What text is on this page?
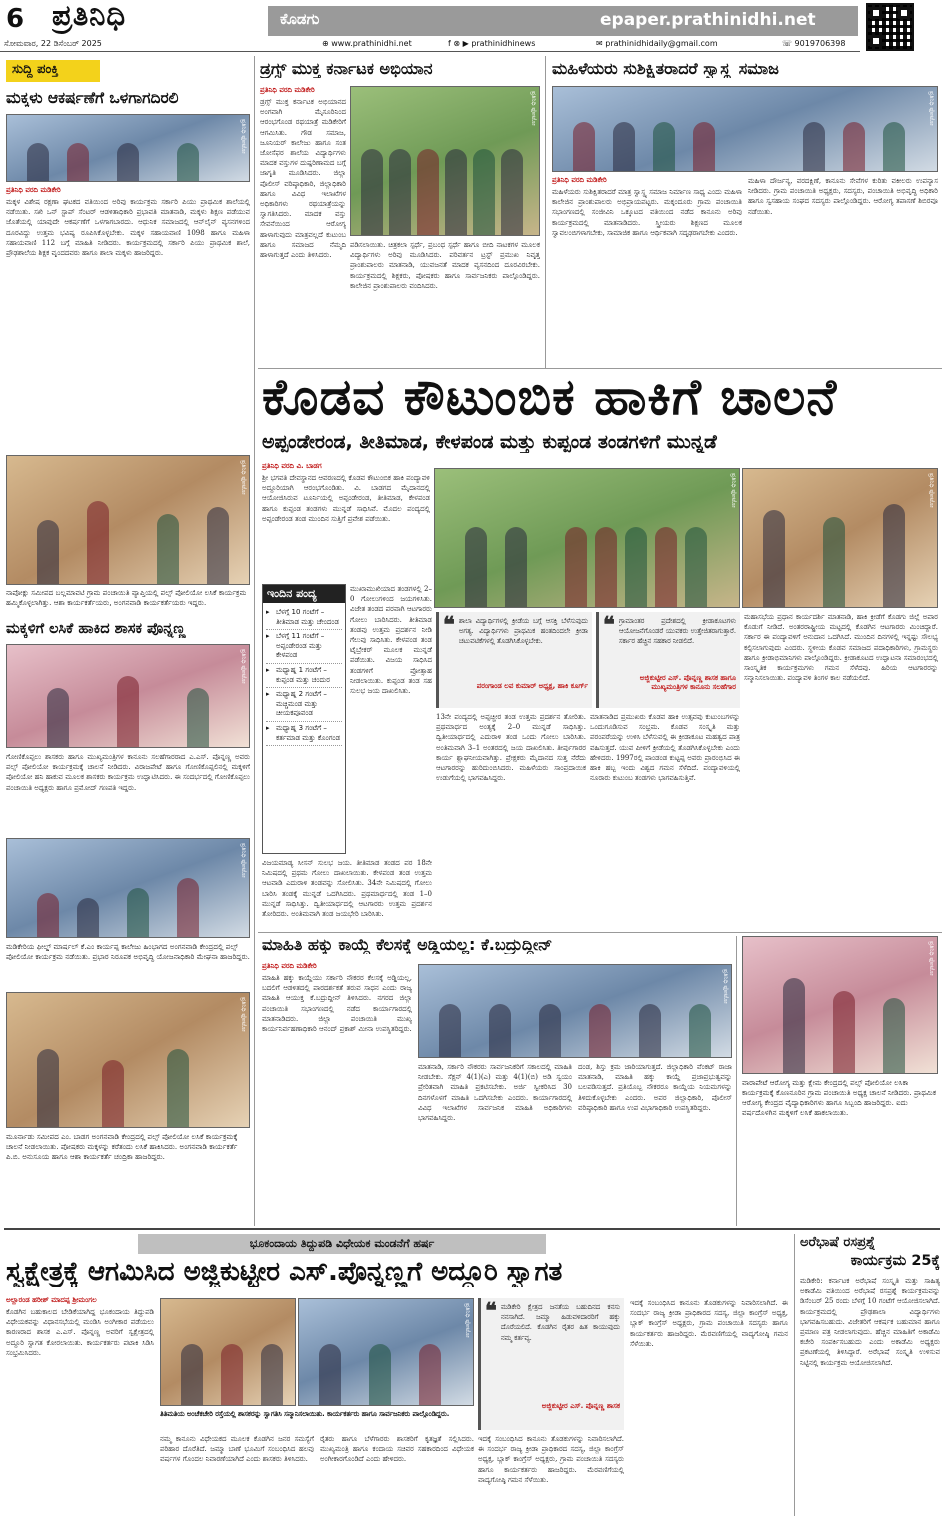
6 ಪ್ರತಿನಿಧಿ	ಕೊಡಗು	epaper.prathinidhi.net
ಸೋಮವಾರ, 22 ಡಿಸೆಂಬರ್ 2025	⊕ www.prathinidhi.net	f ⊗ ▶ prathinidhinews	✉ prathinidhidaily@gmail.com	☏ 9019706398
ಸುದ್ದಿ ಪಂಕ್ತಿ
ಮಕ್ಕಳು ಆಕರ್ಷಣೆಗೆ ಒಳಗಾಗದಿರಲಿ
ಪ್ರತಿನಿಧಿ ಫೋಟೋ
ಪ್ರತಿನಿಧಿ ವರದಿ ಮಡಿಕೇರಿ
ಮಕ್ಕಳ ವಿಶೇಷ ರಕ್ಷಣಾ ಘಟಕದ ವತಿಯಿಂದ ಅರಿವು ಕಾರ್ಯಕ್ರಮ ಸರ್ಕಾರಿ ಪಿಯು ಪ್ರಾಥಮಿಕ ಶಾಲೆಯಲ್ಲಿ ನಡೆಯಿತು. ಸಖಿ ಒನ್ ಸ್ಟಾಪ್ ಸೆಂಟರ್ ಆಡಳಿತಾಧಿಕಾರಿ ಪ್ರಭಾವತಿ ಮಾತನಾಡಿ, ಮಕ್ಕಳು ಶಿಕ್ಷಣ ಪಡೆಯುವ ಜೊತೆಯಲ್ಲಿ ಯಾವುದೇ ಆಕರ್ಷಣೆಗೆ ಒಳಗಾಗಬಾರದು. ಆಧುನಿಕ ಸಮಾಜದಲ್ಲಿ ಆನ್‌ಲೈನ್ ವ್ಯಸನಗಳಿಂದ ದೂರವಿದ್ದು ಉತ್ತಮ ಭವಿಷ್ಯ ರೂಪಿಸಿಕೊಳ್ಳಬೇಕು. ಮಕ್ಕಳ ಸಹಾಯವಾಣಿ 1098 ಹಾಗೂ ಮಹಿಳಾ ಸಹಾಯವಾಣಿ 112 ಬಗ್ಗೆ ಮಾಹಿತಿ ನೀಡಿದರು. ಕಾರ್ಯಕ್ರಮದಲ್ಲಿ ಸರ್ಕಾರಿ ಪಿಯು ಪ್ರಾಥಮಿಕ ಶಾಲೆ, ಪ್ರೌಢಶಾಲೆಯ ಶಿಕ್ಷಕ ವೃಂದದವರು ಹಾಗೂ ಶಾಲಾ ಮಕ್ಕಳು ಹಾಜರಿದ್ದರು.
ಪ್ರತಿನಿಧಿ ಫೋಟೋ
ನಾಪೋಕ್ಲು ಸಮೀಪದ ಬಲ್ಲಮಾವಟಿ ಗ್ರಾಮ ಪಂಚಾಯಿತಿ ವ್ಯಾಪ್ತಿಯಲ್ಲಿ ಪಲ್ಸ್ ಪೋಲಿಯೋ ಲಸಿಕೆ ಕಾರ್ಯಕ್ರಮ ಹಮ್ಮಿಕೊಳ್ಳಲಾಗಿತ್ತು. ಆಶಾ ಕಾರ್ಯಕರ್ತೆಯರು, ಅಂಗನವಾಡಿ ಕಾರ್ಯಕರ್ತೆಯರು ಇದ್ದರು.
ಮಕ್ಕಳಿಗೆ ಲಸಿಕೆ ಹಾಕಿದ ಶಾಸಕ ಪೊನ್ನಣ್ಣ
ಪ್ರತಿನಿಧಿ ಫೋಟೋ
ಗೋಣಿಕೊಪ್ಪಲು ಶಾಸಕರು ಹಾಗೂ ಮುಖ್ಯಮಂತ್ರಿಗಳ ಕಾನೂನು ಸಲಹೆಗಾರರಾದ ಎ.ಎಸ್. ಪೊನ್ನಣ್ಣ ಅವರು ಪಲ್ಸ್ ಪೋಲಿಯೋ ಕಾರ್ಯಕ್ರಮಕ್ಕೆ ಚಾಲನೆ ನೀಡಿದರು. ವಿರಾಜಪೇಟೆ ಹಾಗೂ ಗೋಣಿಕೊಪ್ಪಲಿನಲ್ಲಿ ಮಕ್ಕಳಿಗೆ ಪೋಲಿಯೋ ಹನಿ ಹಾಕುವ ಮೂಲಕ ಶಾಸಕರು ಕಾರ್ಯಕ್ರಮ ಉದ್ಘಾಟಿಸಿದರು. ಈ ಸಂದರ್ಭದಲ್ಲಿ ಗೋಣಿಕೊಪ್ಪಲು ಪಂಚಾಯಿತಿ ಅಧ್ಯಕ್ಷರು ಹಾಗೂ ಪ್ರಮೋದ್ ಗಣಪತಿ ಇದ್ದರು.
ಪ್ರತಿನಿಧಿ ಫೋಟೋ
ಮಡಿಕೇರಿಯ ಫೀಲ್ಡ್ ಮಾರ್ಷಲ್ ಕೆ.ಎಂ ಕಾರ್ಯಪ್ಪ ಕಾಲೇಜು ಹಿಂಭಾಗದ ಅಂಗನವಾಡಿ ಕೇಂದ್ರದಲ್ಲಿ ಪಲ್ಸ್ ಪೋಲಿಯೋ ಕಾರ್ಯಕ್ರಮ ನಡೆಯಿತು. ಪ್ರಭಾರ ನಿರೂಪಕ ಅಭಿವೃದ್ಧಿ ಯೋಜನಾಧಿಕಾರಿ ಮೇಘನಾ ಹಾಜರಿದ್ದರು.
ಪ್ರತಿನಿಧಿ ಫೋಟೋ
ಮೂರ್ನಾಡು ಸಮೀಪದ ಎಂ. ಬಾಡಗ ಅಂಗನವಾಡಿ ಕೇಂದ್ರದಲ್ಲಿ ಪಲ್ಸ್ ಪೋಲಿಯೋ ಲಸಿಕೆ ಕಾರ್ಯಕ್ರಮಕ್ಕೆ ಚಾಲನೆ ನೀಡಲಾಯಿತು. ಪೋಷಕರು ಮಕ್ಕಳನ್ನು ಕರೆತಂದು ಲಸಿಕೆ ಹಾಕಿಸಿದರು. ಅಂಗನವಾಡಿ ಕಾರ್ಯಕರ್ತೆ ಪಿ.ಬಿ. ಅನುಸೂಯ ಹಾಗೂ ಆಶಾ ಕಾರ್ಯಕರ್ತೆ ಚಂದ್ರಿಕಾ ಹಾಜರಿದ್ದರು.
ಡ್ರಗ್ಸ್ ಮುಕ್ತ ಕರ್ನಾಟಕ ಅಭಿಯಾನ
ಪ್ರತಿನಿಧಿ ವರದಿ ಮಡಿಕೇರಿ
ಡ್ರಗ್ಸ್ ಮುಕ್ತ ಕರ್ನಾಟಕ ಅಭಿಯಾನದ ಅಂಗವಾಗಿ ಮೈಸೂರಿನಿಂದ ಆರಂಭಗೊಂಡ ರಥಯಾತ್ರೆ ಮಡಿಕೇರಿಗೆ ಆಗಮಿಸಿತು. ಗೌಡ ಸಮಾಜ, ಜೂನಿಯರ್ ಕಾಲೇಜು ಹಾಗೂ ಸಂತ ಜೋಸೆಫರ ಶಾಲೆಯ ವಿದ್ಯಾರ್ಥಿಗಳು ಮಾದಕ ವಸ್ತುಗಳ ದುಷ್ಪರಿಣಾಮದ ಬಗ್ಗೆ ಜಾಗೃತಿ ಮೂಡಿಸಿದರು. ಜಿಲ್ಲಾ ಪೊಲೀಸ್ ವರಿಷ್ಠಾಧಿಕಾರಿ, ಜಿಲ್ಲಾಧಿಕಾರಿ ಹಾಗೂ ವಿವಿಧ ಇಲಾಖೆಗಳ ಅಧಿಕಾರಿಗಳು ರಥಯಾತ್ರೆಯನ್ನು ಸ್ವಾಗತಿಸಿದರು. ಮಾದಕ ವಸ್ತು ಸೇವನೆಯಿಂದ ಆರೋಗ್ಯ ಹಾಳಾಗುವುದು ಮಾತ್ರವಲ್ಲದೆ ಕುಟುಂಬ ಹಾಗೂ ಸಮಾಜದ ನೆಮ್ಮದಿ ಹಾಳಾಗುತ್ತದೆ ಎಂದು ತಿಳಿಸಿದರು.
ಪ್ರತಿನಿಧಿ ಫೋಟೋ
ಪಡಿಸಲಾಯಿತು. ಚಿತ್ರಕಲಾ ಸ್ಪರ್ಧೆ, ಪ್ರಬಂಧ ಸ್ಪರ್ಧೆ ಹಾಗೂ ಬೀದಿ ನಾಟಕಗಳ ಮೂಲಕ ವಿದ್ಯಾರ್ಥಿಗಳು ಅರಿವು ಮೂಡಿಸಿದರು. ಪರಿವರ್ತನ ಟ್ರಸ್ಟ್ ಪ್ರಮುಖ ನಿವೃತ್ತ ಪ್ರಾಂಶುಪಾಲರು ಮಾತನಾಡಿ, ಯುವಜನತೆ ಮಾದಕ ವ್ಯಸನದಿಂದ ದೂರವಿರಬೇಕು. ಕಾರ್ಯಕ್ರಮದಲ್ಲಿ ಶಿಕ್ಷಕರು, ಪೋಷಕರು ಹಾಗೂ ಸಾರ್ವಜನಿಕರು ಪಾಲ್ಗೊಂಡಿದ್ದರು. ಕಾಲೇಜಿನ ಪ್ರಾಂಶುಪಾಲರು ವಂದಿಸಿದರು.
ಮಹಿಳೆಯರು ಸುಶಿಕ್ಷಿತರಾದರೆ ಸ್ವಾಸ್ಥ್ಯ ಸಮಾಜ
ಪ್ರತಿನಿಧಿ ಫೋಟೋ
ಪ್ರತಿನಿಧಿ ವರದಿ ಮಡಿಕೇರಿ
ಮಹಿಳೆಯರು ಸುಶಿಕ್ಷಿತರಾದರೆ ಮಾತ್ರ ಸ್ವಾಸ್ಥ್ಯ ಸಮಾಜ ನಿರ್ಮಾಣ ಸಾಧ್ಯ ಎಂದು ಮಹಿಳಾ ಕಾಲೇಜಿನ ಪ್ರಾಂಶುಪಾಲರು ಅಭಿಪ್ರಾಯಪಟ್ಟರು. ಮಕ್ಕಂದೂರು ಗ್ರಾಮ ಪಂಚಾಯಿತಿ ಸಭಾಂಗಣದಲ್ಲಿ ಸಂಜೀವಿನಿ ಒಕ್ಕೂಟದ ವತಿಯಿಂದ ನಡೆದ ಕಾನೂನು ಅರಿವು ಕಾರ್ಯಕ್ರಮದಲ್ಲಿ ಮಾತನಾಡಿದರು. ಸ್ತ್ರೀಯರು ಶಿಕ್ಷಣದ ಮೂಲಕ ಸ್ವಾವಲಂಬಿಗಳಾಗಬೇಕು, ಸಾಮಾಜಿಕ ಹಾಗೂ ಆರ್ಥಿಕವಾಗಿ ಸದೃಢರಾಗಬೇಕು ಎಂದರು.
ಮಹಿಳಾ ದೌರ್ಜನ್ಯ, ವರದಕ್ಷಿಣೆ, ಕಾನೂನು ಸೇವೆಗಳ ಕುರಿತು ವಕೀಲರು ಉಪನ್ಯಾಸ ನೀಡಿದರು. ಗ್ರಾಮ ಪಂಚಾಯಿತಿ ಅಧ್ಯಕ್ಷರು, ಸದಸ್ಯರು, ಪಂಚಾಯಿತಿ ಅಭಿವೃದ್ಧಿ ಅಧಿಕಾರಿ ಹಾಗೂ ಸ್ವಸಹಾಯ ಸಂಘದ ಸದಸ್ಯರು ಪಾಲ್ಗೊಂಡಿದ್ದರು. ಆರೋಗ್ಯ ತಪಾಸಣೆ ಶಿಬಿರವೂ ನಡೆಯಿತು.
ಕೊಡವ ಕೌಟುಂಬಿಕ ಹಾಕಿಗೆ ಚಾಲನೆ
ಅಪ್ಪಂಡೇರಂಡ, ತೀತಿಮಾಡ, ಕೇಳಪಂಡ ಮತ್ತು ಕುಪ್ಪಂಡ ತಂಡಗಳಿಗೆ ಮುನ್ನಡೆ
ಪ್ರತಿನಿಧಿ ವರದಿ ವಿ. ಬಾಡಗ
ಶ್ರೀ ಭಗವತಿ ದೇವಸ್ಥಾನದ ಆವರಣದಲ್ಲಿ ಕೊಡವ ಕೌಟುಂಬಿಕ ಹಾಕಿ ಪಂದ್ಯಾವಳಿ ಅದ್ದೂರಿಯಾಗಿ ಆರಂಭಗೊಂಡಿತು. ವಿ. ಬಾಡಗದ ಮೈದಾನದಲ್ಲಿ ಆಯೋಜಿಸಿರುವ ಟೂರ್ನಿಯಲ್ಲಿ ಅಪ್ಪಂಡೇರಂಡ, ತೀತಿಮಾಡ, ಕೇಳಪಂಡ ಹಾಗೂ ಕುಪ್ಪಂಡ ತಂಡಗಳು ಮುನ್ನಡೆ ಸಾಧಿಸಿವೆ. ಮೊದಲ ಪಂದ್ಯದಲ್ಲಿ ಅಪ್ಪಂಡೇರಂಡ ತಂಡ ಮುಂದಿನ ಸುತ್ತಿಗೆ ಪ್ರವೇಶ ಪಡೆಯಿತು.
ಪ್ರತಿನಿಧಿ ಫೋಟೋ	ಪ್ರತಿನಿಧಿ ಫೋಟೋ
ಇಂದಿನ ಪಂದ್ಯ
▸ ಬೆಳಗ್ಗೆ 10 ಗಂಟೆಗೆ – ತೀತಿಮಾಡ ಮತ್ತು ಚೇಂದಂಡ
▸ ಬೆಳಗ್ಗೆ 11 ಗಂಟೆಗೆ – ಅಪ್ಪಂಡೇರಂಡ ಮತ್ತು ಕೇಳಪಂಡ
▸ ಮಧ್ಯಾಹ್ನ 1 ಗಂಟೆಗೆ – ಕುಪ್ಪಂಡ ಮತ್ತು ಚಂದುರ
▸ ಮಧ್ಯಾಹ್ನ 2 ಗಂಟೆಗೆ – ಮಚ್ಚಿಮಂಡ ಮತ್ತು ಚೀಯಕಪೂವಂಡ
▸ ಮಧ್ಯಾಹ್ನ 3 ಗಂಟೆಗೆ – ಕರ್ತಮಾಡ ಮತ್ತು ಕೊಂಗಂಡ
ಮುಖಾಮುಖಿಯಾದ ತಂಡಗಳಲ್ಲಿ 2–0 ಗೋಲುಗಳಿಂದ ಜಯಗಳಿಸಿತು. ವಿಜೇತ ತಂಡದ ಪರವಾಗಿ ಆಟಗಾರರು ಗೋಲು ಬಾರಿಸಿದರು. ತೀತಿಮಾಡ ತಂಡವು ಉತ್ತಮ ಪ್ರದರ್ಶನ ನೀಡಿ ಗೆಲುವು ಸಾಧಿಸಿತು. ಕೇಳಪಂಡ ತಂಡ ಟೈಬ್ರೇಕರ್ ಮೂಲಕ ಮುನ್ನಡೆ ಪಡೆಯಿತು. ವಿಜಯ ಸಾಧಿಸಿದ ತಂಡಗಳಿಗೆ ಪ್ರೋತ್ಸಾಹ ನೀಡಲಾಯಿತು. ಕುಪ್ಪಂಡ ತಂಡ ಸಹ ಸುಲಭ ಜಯ ದಾಖಲಿಸಿತು.
❝ ಶಾಲಾ ವಿದ್ಯಾರ್ಥಿಗಳಲ್ಲಿ ಕ್ರೀಡೆಯ ಬಗ್ಗೆ ಆಸಕ್ತಿ ಬೆಳೆಸುವುದು ಅಗತ್ಯ. ವಿದ್ಯಾರ್ಥಿಗಳು ಪ್ರಾಥಮಿಕ ಹಂತದಿಂದಲೇ ಕ್ರೀಡಾ ಚಟುವಟಿಕೆಗಳಲ್ಲಿ ತೊಡಗಿಸಿಕೊಳ್ಳಬೇಕು.
ಪರಂಗಾಂಡ ಲವ ಕುಮಾರ್ ಅಧ್ಯಕ್ಷ, ಹಾಕಿ ಕೂರ್ಗ್
❝ ಗ್ರಾಮಾಂತರ ಪ್ರದೇಶದಲ್ಲಿ ಕ್ರೀಡಾಕೂಟಗಳು ಆಯೋಜನೆಗೊಂಡರೆ ಯುವಕರು ಉತ್ತೇಜಿತರಾಗುತ್ತಾರೆ. ಸರ್ಕಾರ ಹೆಚ್ಚಿನ ಸಹಕಾರ ನೀಡಲಿದೆ.
ಅಜ್ಜಿಕುಟ್ಟೀರ ಎಸ್. ಪೊನ್ನಣ್ಣ ಶಾಸಕ ಹಾಗೂ ಮುಖ್ಯಮಂತ್ರಿಗಳ ಕಾನೂನು ಸಲಹೆಗಾರ
ವಿಜಯಮಾಡ್ಯ ಸೀಸನ್ ಸುಲಭ ಜಯ. ತೀತಿಮಾಡ ತಂಡದ ಪರ 18ನೇ ನಿಮಿಷದಲ್ಲಿ ಪ್ರಥಮ ಗೋಲು ದಾಖಲಾಯಿತು. ಕೇಳಪಂಡ ತಂಡ ಉತ್ತಮ ಆಟವಾಡಿ ಎದುರಾಳಿ ತಂಡವನ್ನು ಸೋಲಿಸಿತು. 34ನೇ ನಿಮಿಷದಲ್ಲಿ ಗೋಲು ಬಾರಿಸಿ ತಂಡಕ್ಕೆ ಮುನ್ನಡೆ ಒದಗಿಸಿದರು. ಪ್ರಥಮಾರ್ಧದಲ್ಲಿ ತಂಡ 1–0 ಮುನ್ನಡೆ ಸಾಧಿಸಿತ್ತು. ದ್ವಿತೀಯಾರ್ಧದಲ್ಲಿ ಆಟಗಾರರು ಉತ್ತಮ ಪ್ರದರ್ಶನ ತೋರಿದರು. ಅಂತಿಮವಾಗಿ ತಂಡ ಜಯಭೇರಿ ಬಾರಿಸಿತು.
13ನೇ ಪಂದ್ಯದಲ್ಲಿ ಅಪ್ಪಚ್ಚೀರ ತಂಡ ಉತ್ತಮ ಪ್ರದರ್ಶನ ತೋರಿತು. ಪ್ರಥಮಾರ್ಧದ ಅಂತ್ಯಕ್ಕೆ 2–0 ಮುನ್ನಡೆ ಸಾಧಿಸಿತ್ತು. ದ್ವಿತೀಯಾರ್ಧದಲ್ಲಿ ಎದುರಾಳಿ ತಂಡ ಒಂದು ಗೋಲು ಬಾರಿಸಿತು. ಅಂತಿಮವಾಗಿ 3–1 ಅಂತರದಲ್ಲಿ ಜಯ ದಾಖಲಿಸಿತು. ತೀರ್ಪುಗಾರರ ಕಾರ್ಯ ಶ್ಲಾಘನೀಯವಾಗಿತ್ತು. ಪ್ರೇಕ್ಷಕರು ಮೈದಾನದ ಸುತ್ತ ನೆರೆದು ಆಟಗಾರರನ್ನು ಹುರಿದುಂಬಿಸಿದರು. ಮಹಿಳೆಯರು ಸಾಂಪ್ರದಾಯಿಕ ಉಡುಗೆಯಲ್ಲಿ ಭಾಗವಹಿಸಿದ್ದರು.
ಮಾತನಾಡಿದ ಪ್ರಮುಖರು ಕೊಡವ ಹಾಕಿ ಉತ್ಸವವು ಕುಟುಂಬಗಳನ್ನು ಒಂದುಗೂಡಿಸುವ ಸಂಭ್ರಮ. ಕೊಡವ ಸಂಸ್ಕೃತಿ ಮತ್ತು ಪರಂಪರೆಯನ್ನು ಉಳಿಸಿ ಬೆಳೆಸುವಲ್ಲಿ ಈ ಕ್ರೀಡಾಕೂಟ ಮಹತ್ವದ ಪಾತ್ರ ವಹಿಸುತ್ತದೆ. ಯುವ ಪೀಳಿಗೆ ಕ್ರೀಡೆಯಲ್ಲಿ ತೊಡಗಿಸಿಕೊಳ್ಳಬೇಕು ಎಂದು ಹೇಳಿದರು. 1997ರಲ್ಲಿ ಪಾಂಡಂಡ ಕುಟ್ಟಪ್ಪ ಅವರು ಪ್ರಾರಂಭಿಸಿದ ಈ ಹಾಕಿ ಹಬ್ಬ ಇಂದು ವಿಶ್ವದ ಗಮನ ಸೆಳೆದಿದೆ. ಪಂದ್ಯಾವಳಿಯಲ್ಲಿ ನೂರಾರು ಕುಟುಂಬ ತಂಡಗಳು ಭಾಗವಹಿಸುತ್ತಿವೆ.
ಮಹಾಸಭೆಯ ಪ್ರಧಾನ ಕಾರ್ಯದರ್ಶಿ ಮಾತನಾಡಿ, ಹಾಕಿ ಕ್ರೀಡೆಗೆ ಕೊಡಗು ಜಿಲ್ಲೆ ಅಪಾರ ಕೊಡುಗೆ ನೀಡಿದೆ. ಅಂತರರಾಷ್ಟ್ರೀಯ ಮಟ್ಟದಲ್ಲಿ ಕೊಡಗಿನ ಆಟಗಾರರು ಮಿಂಚಿದ್ದಾರೆ. ಸರ್ಕಾರ ಈ ಪಂದ್ಯಾವಳಿಗೆ ಅನುದಾನ ಒದಗಿಸಿದೆ. ಮುಂದಿನ ದಿನಗಳಲ್ಲಿ ಇನ್ನಷ್ಟು ಸೌಲಭ್ಯ ಕಲ್ಪಿಸಲಾಗುವುದು ಎಂದರು. ಸ್ಥಳೀಯ ಕೊಡವ ಸಮಾಜದ ಪದಾಧಿಕಾರಿಗಳು, ಗ್ರಾಮಸ್ಥರು ಹಾಗೂ ಕ್ರೀಡಾಭಿಮಾನಿಗಳು ಪಾಲ್ಗೊಂಡಿದ್ದರು. ಕ್ರೀಡಾಕೂಟದ ಉದ್ಘಾಟನಾ ಸಮಾರಂಭದಲ್ಲಿ ಸಾಂಸ್ಕೃತಿಕ ಕಾರ್ಯಕ್ರಮಗಳು ಗಮನ ಸೆಳೆದವು. ಹಿರಿಯ ಆಟಗಾರರನ್ನು ಸನ್ಮಾನಿಸಲಾಯಿತು. ಪಂದ್ಯಾವಳಿ ತಿಂಗಳ ಕಾಲ ನಡೆಯಲಿದೆ.
ಮಾಹಿತಿ ಹಕ್ಕು ಕಾಯ್ದೆ ಕೆಲಸಕ್ಕೆ ಅಡ್ಡಿಯಲ್ಲ: ಕೆ.ಬದ್ರುದ್ದೀನ್
ಪ್ರತಿನಿಧಿ ವರದಿ ಮಡಿಕೇರಿ
ಮಾಹಿತಿ ಹಕ್ಕು ಕಾಯ್ದೆಯು ಸರ್ಕಾರಿ ನೌಕರರ ಕೆಲಸಕ್ಕೆ ಅಡ್ಡಿಯಲ್ಲ, ಬದಲಿಗೆ ಆಡಳಿತದಲ್ಲಿ ಪಾರದರ್ಶಕತೆ ತರುವ ಸಾಧನ ಎಂದು ರಾಜ್ಯ ಮಾಹಿತಿ ಆಯುಕ್ತ ಕೆ.ಬದ್ರುದ್ದೀನ್ ತಿಳಿಸಿದರು. ನಗರದ ಜಿಲ್ಲಾ ಪಂಚಾಯಿತಿ ಸಭಾಂಗಣದಲ್ಲಿ ನಡೆದ ಕಾರ್ಯಾಗಾರದಲ್ಲಿ ಮಾತನಾಡಿದರು. ಜಿಲ್ಲಾ ಪಂಚಾಯಿತಿ ಮುಖ್ಯ ಕಾರ್ಯನಿರ್ವಹಣಾಧಿಕಾರಿ ಆನಂದ್ ಪ್ರಕಾಶ್ ಮೀನಾ ಉಪಸ್ಥಿತರಿದ್ದರು.
ಪ್ರತಿನಿಧಿ ಫೋಟೋ
ಮಾತನಾಡಿ, ಸರ್ಕಾರಿ ನೌಕರರು ಸಾರ್ವಜನಿಕರಿಗೆ ಸಕಾಲದಲ್ಲಿ ಮಾಹಿತಿ ನೀಡಬೇಕು. ಸೆಕ್ಷನ್ 4(1)(ಎ) ಮತ್ತು 4(1)(ಬಿ) ಅಡಿ ಸ್ವಯಂ ಪ್ರೇರಿತವಾಗಿ ಮಾಹಿತಿ ಪ್ರಕಟಿಸಬೇಕು. ಅರ್ಜಿ ಸ್ವೀಕರಿಸಿದ 30 ದಿನಗಳೊಳಗೆ ಮಾಹಿತಿ ಒದಗಿಸಬೇಕು ಎಂದರು. ಕಾರ್ಯಾಗಾರದಲ್ಲಿ ವಿವಿಧ ಇಲಾಖೆಗಳ ಸಾರ್ವಜನಿಕ ಮಾಹಿತಿ ಅಧಿಕಾರಿಗಳು ಭಾಗವಹಿಸಿದ್ದರು.
ದಂಡ, ಶಿಸ್ತು ಕ್ರಮ ಜಾರಿಯಾಗುತ್ತದೆ. ಜಿಲ್ಲಾಧಿಕಾರಿ ವೆಂಕಟ್ ರಾಜಾ ಮಾತನಾಡಿ, ಮಾಹಿತಿ ಹಕ್ಕು ಕಾಯ್ದೆ ಪ್ರಜಾಪ್ರಭುತ್ವವನ್ನು ಬಲಪಡಿಸುತ್ತದೆ. ಪ್ರತಿಯೊಬ್ಬ ನೌಕರರೂ ಕಾಯ್ದೆಯ ನಿಯಮಗಳನ್ನು ತಿಳಿದುಕೊಳ್ಳಬೇಕು ಎಂದರು. ಅಪರ ಜಿಲ್ಲಾಧಿಕಾರಿ, ಪೊಲೀಸ್ ವರಿಷ್ಠಾಧಿಕಾರಿ ಹಾಗೂ ಉಪ ವಿಭಾಗಾಧಿಕಾರಿ ಉಪಸ್ಥಿತರಿದ್ದರು.
ಪ್ರತಿನಿಧಿ ಫೋಟೋ
ವಾರಾಪೇಟೆ ಆರೋಗ್ಯ ಮತ್ತು ಕ್ಷೇಮ ಕೇಂದ್ರದಲ್ಲಿ ಪಲ್ಸ್ ಪೋಲಿಯೋ ಲಸಿಕಾ ಕಾರ್ಯಕ್ರಮಕ್ಕೆ ಕೊಣನೂರಿನ ಗ್ರಾಮ ಪಂಚಾಯಿತಿ ಅಧ್ಯಕ್ಷ ಚಾಲನೆ ನೀಡಿದರು. ಪ್ರಾಥಮಿಕ ಆರೋಗ್ಯ ಕೇಂದ್ರದ ವೈದ್ಯಾಧಿಕಾರಿಗಳು ಹಾಗೂ ಸಿಬ್ಬಂದಿ ಹಾಜರಿದ್ದರು. ಐದು ವರ್ಷದೊಳಗಿನ ಮಕ್ಕಳಿಗೆ ಲಸಿಕೆ ಹಾಕಲಾಯಿತು.
ಭೂಕಂದಾಯ ತಿದ್ದುಪಡಿ ವಿಧೇಯಕ ಮಂಡನೆಗೆ ಹರ್ಷ
ಸ್ವಕ್ಷೇತ್ರಕ್ಕೆ ಆಗಮಿಸಿದ ಅಜ್ಜಿಕುಟ್ಟೀರ ಎಸ್.ಪೊನ್ನಣ್ಣಗೆ ಅದ್ದೂರಿ ಸ್ವಾಗತ
ಅಲ್ಲಾರಂಡ ಹರೀಶ್ ಮಾದಪ್ಪ ಶ್ರೀಮಂಗಲ
ಕೊಡಗಿನ ಬಹುಕಾಲದ ಬೇಡಿಕೆಯಾಗಿದ್ದ ಭೂಕಂದಾಯ ತಿದ್ದುಪಡಿ ವಿಧೇಯಕವನ್ನು ವಿಧಾನಸಭೆಯಲ್ಲಿ ಮಂಡಿಸಿ ಅಂಗೀಕಾರ ಪಡೆಯಲು ಕಾರಣರಾದ ಶಾಸಕ ಎ.ಎಸ್. ಪೊನ್ನಣ್ಣ ಅವರಿಗೆ ಸ್ವಕ್ಷೇತ್ರದಲ್ಲಿ ಅದ್ದೂರಿ ಸ್ವಾಗತ ಕೋರಲಾಯಿತು. ಕಾರ್ಯಕರ್ತರು ಪಟಾಕಿ ಸಿಡಿಸಿ ಸಂಭ್ರಮಿಸಿದರು.
ಪ್ರತಿನಿಧಿ ಫೋಟೋ
ತಿತಿಮತಿಯ ಅಂಚೆಕಚೇರಿ ರಸ್ತೆಯಲ್ಲಿ ಶಾಸಕರನ್ನು ಸ್ವಾಗತಿಸಿ ಸನ್ಮಾನಿಸಲಾಯಿತು. ಕಾರ್ಯಕರ್ತರು ಹಾಗೂ ಸಾರ್ವಜನಿಕರು ಪಾಲ್ಗೊಂಡಿದ್ದರು.
ನಮ್ಮ ಕಾನೂನು ವಿಧೇಯಕದ ಮೂಲಕ ಕೊಡಗಿನ ಜನರ ಸಮಸ್ಯೆಗೆ ಪರಿಹಾರ ದೊರೆತಿದೆ. ಜಮ್ಮಾ ಬಾಣೆ ಭೂಮಿಗೆ ಸಂಬಂಧಿಸಿದ ಹಲವು ವರ್ಷಗಳ ಗೊಂದಲ ನಿವಾರಣೆಯಾಗಿದೆ ಎಂದು ಶಾಸಕರು ತಿಳಿಸಿದರು.
ರೈತರು ಹಾಗೂ ಬೆಳೆಗಾರರು ಶಾಸಕರಿಗೆ ಕೃತಜ್ಞತೆ ಸಲ್ಲಿಸಿದರು. ಮುಖ್ಯಮಂತ್ರಿ ಹಾಗೂ ಕಂದಾಯ ಸಚಿವರ ಸಹಕಾರದಿಂದ ವಿಧೇಯಕ ಅಂಗೀಕಾರಗೊಂಡಿದೆ ಎಂದು ಹೇಳಿದರು.
❝ ಮಡಿಕೇರಿ ಕ್ಷೇತ್ರದ ಜನತೆಯ ಬಹುದಿನದ ಕನಸು ನನಸಾಗಿದೆ. ಜಮ್ಮಾ ಹಿಡುವಳಿದಾರರಿಗೆ ಹಕ್ಕು ದೊರೆಯಲಿದೆ. ಕೊಡಗಿನ ರೈತರ ಹಿತ ಕಾಯುವುದು ನಮ್ಮ ಕರ್ತವ್ಯ.
ಅಜ್ಜಿಕುಟ್ಟೀರ ಎಸ್. ಪೊನ್ನಣ್ಣ ಶಾಸಕ
ಇದಕ್ಕೆ ಸಂಬಂಧಿಸಿದ ಕಾನೂನು ತೊಡಕುಗಳನ್ನು ನಿವಾರಿಸಲಾಗಿದೆ. ಈ ಸಂದರ್ಭ ರಾಜ್ಯ ಕ್ರೀಡಾ ಪ್ರಾಧಿಕಾರದ ಸದಸ್ಯ, ಜಿಲ್ಲಾ ಕಾಂಗ್ರೆಸ್ ಅಧ್ಯಕ್ಷ, ಬ್ಲಾಕ್ ಕಾಂಗ್ರೆಸ್ ಅಧ್ಯಕ್ಷರು, ಗ್ರಾಮ ಪಂಚಾಯಿತಿ ಸದಸ್ಯರು ಹಾಗೂ ಕಾರ್ಯಕರ್ತರು ಹಾಜರಿದ್ದರು. ಮೆರವಣಿಗೆಯಲ್ಲಿ ವಾದ್ಯಗೋಷ್ಠಿ ಗಮನ ಸೆಳೆಯಿತು.
ಇದಕ್ಕೆ ಸಂಬಂಧಿಸಿದ ಕಾನೂನು ತೊಡಕುಗಳನ್ನು ನಿವಾರಿಸಲಾಗಿದೆ. ಈ ಸಂದರ್ಭ ರಾಜ್ಯ ಕ್ರೀಡಾ ಪ್ರಾಧಿಕಾರದ ಸದಸ್ಯ, ಜಿಲ್ಲಾ ಕಾಂಗ್ರೆಸ್ ಅಧ್ಯಕ್ಷ, ಬ್ಲಾಕ್ ಕಾಂಗ್ರೆಸ್ ಅಧ್ಯಕ್ಷರು, ಗ್ರಾಮ ಪಂಚಾಯಿತಿ ಸದಸ್ಯರು ಹಾಗೂ ಕಾರ್ಯಕರ್ತರು ಹಾಜರಿದ್ದರು. ಮೆರವಣಿಗೆಯಲ್ಲಿ ವಾದ್ಯಗೋಷ್ಠಿ ಗಮನ ಸೆಳೆಯಿತು.
ಅರೆಭಾಷೆ ರಸಪ್ರಶ್ನೆ
ಕಾರ್ಯಕ್ರಮ 25ಕ್ಕೆ
ಮಡಿಕೇರಿ: ಕರ್ನಾಟಕ ಅರೆಭಾಷೆ ಸಂಸ್ಕೃತಿ ಮತ್ತು ಸಾಹಿತ್ಯ ಅಕಾಡೆಮಿ ವತಿಯಿಂದ ಅರೆಭಾಷೆ ರಸಪ್ರಶ್ನೆ ಕಾರ್ಯಕ್ರಮವನ್ನು ಡಿಸೆಂಬರ್ 25 ರಂದು ಬೆಳಗ್ಗೆ 10 ಗಂಟೆಗೆ ಆಯೋಜಿಸಲಾಗಿದೆ. ಕಾರ್ಯಕ್ರಮದಲ್ಲಿ ಪ್ರೌಢಶಾಲಾ ವಿದ್ಯಾರ್ಥಿಗಳು ಭಾಗವಹಿಸಬಹುದು. ವಿಜೇತರಿಗೆ ಆಕರ್ಷಕ ಬಹುಮಾನ ಹಾಗೂ ಪ್ರಮಾಣ ಪತ್ರ ನೀಡಲಾಗುವುದು. ಹೆಚ್ಚಿನ ಮಾಹಿತಿಗೆ ಅಕಾಡೆಮಿ ಕಚೇರಿ ಸಂಪರ್ಕಿಸಬಹುದು ಎಂದು ಅಕಾಡೆಮಿ ಅಧ್ಯಕ್ಷರು ಪ್ರಕಟಣೆಯಲ್ಲಿ ತಿಳಿಸಿದ್ದಾರೆ. ಅರೆಭಾಷೆ ಸಂಸ್ಕೃತಿ ಉಳಿಸುವ ನಿಟ್ಟಿನಲ್ಲಿ ಕಾರ್ಯಕ್ರಮ ಆಯೋಜಿಸಲಾಗಿದೆ.
